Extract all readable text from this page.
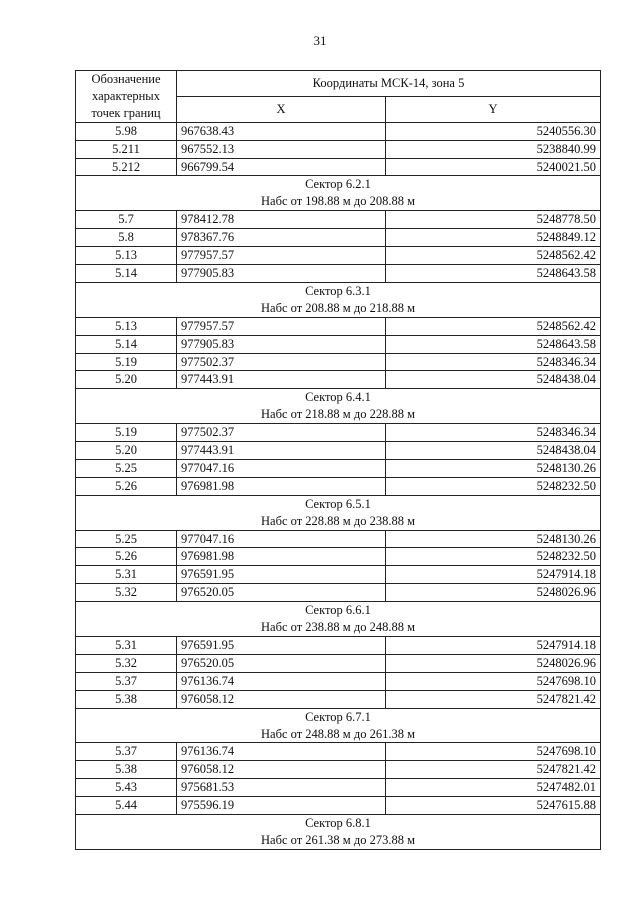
31
Обозначение характерных точек границ	Координаты МСК-14, зона 5	
	X	Y
5.98	967638.43	5240556.30
5.211	967552.13	5238840.99
5.212	966799.54	5240021.50

Сектор 6.2.1
Набс от 198.88 м до 208.88 м		

5.7	978412.78	5248778.50
5.8	978367.76	5248849.12
5.13	977957.57	5248562.42
5.14	977905.83	5248643.58

Сектор 6.3.1
Набс от 208.88 м до 218.88 м		

5.13	977957.57	5248562.42
5.14	977905.83	5248643.58
5.19	977502.37	5248346.34
5.20	977443.91	5248438.04

Сектор 6.4.1
Набс от 218.88 м до 228.88 м		

5.19	977502.37	5248346.34
5.20	977443.91	5248438.04
5.25	977047.16	5248130.26
5.26	976981.98	5248232.50

Сектор 6.5.1
Набс от 228.88 м до 238.88 м		

5.25	977047.16	5248130.26
5.26	976981.98	5248232.50
5.31	976591.95	5247914.18
5.32	976520.05	5248026.96

Сектор 6.6.1
Набс от 238.88 м до 248.88 м		

5.31	976591.95	5247914.18
5.32	976520.05	5248026.96
5.37	976136.74	5247698.10
5.38	976058.12	5247821.42

Сектор 6.7.1
Набс от 248.88 м до 261.38 м		

5.37	976136.74	5247698.10
5.38	976058.12	5247821.42
5.43	975681.53	5247482.01
5.44	975596.19	5247615.88

Сектор 6.8.1
Набс от 261.38 м до 273.88 м		
